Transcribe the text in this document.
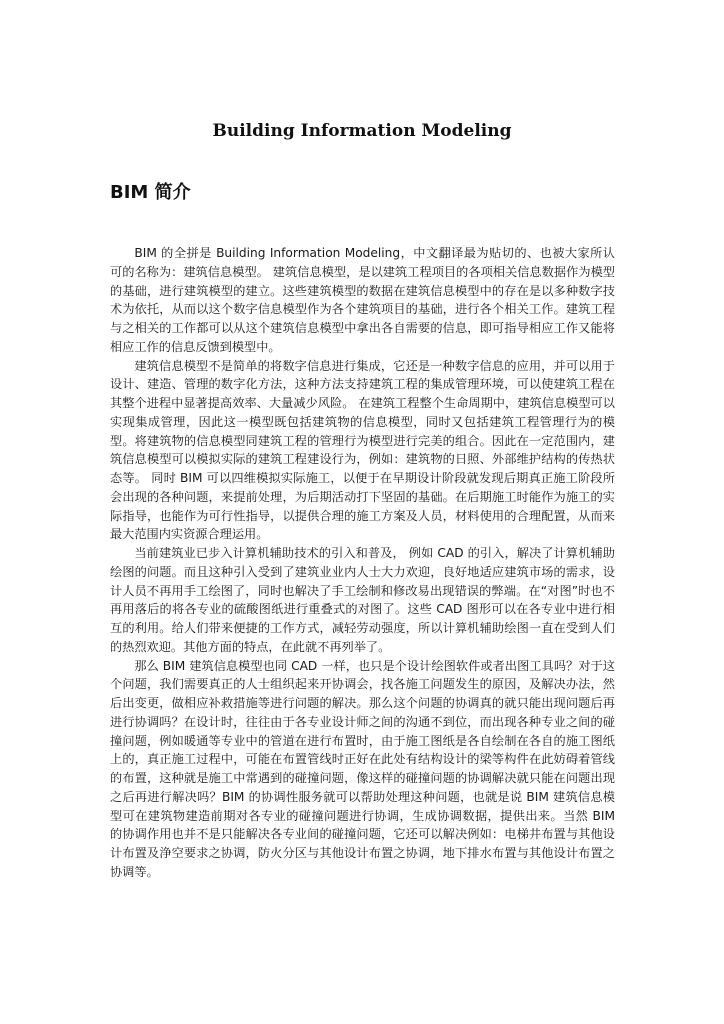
Building Information Modeling
BIM 简介

BIM 的全拼是 Building Information Modeling，中文翻译最为贴切的、也被大家所认可的名称为：建筑信息模型。 建筑信息模型，是以建筑工程项目的各项相关信息数据作为模型的基础，进行建筑模型的建立。这些建筑模型的数据在建筑信息模型中的存在是以多种数字技术为依托，从而以这个数字信息模型作为各个建筑项目的基础，进行各个相关工作。建筑工程与之相关的工作都可以从这个建筑信息模型中拿出各自需要的信息，即可指导相应工作又能将相应工作的信息反馈到模型中。

建筑信息模型不是简单的将数字信息进行集成，它还是一种数字信息的应用，并可以用于设计、建造、管理的数字化方法，这种方法支持建筑工程的集成管理环境，可以使建筑工程在其整个进程中显著提高效率、大量减少风险。 在建筑工程整个生命周期中，建筑信息模型可以实现集成管理，因此这一模型既包括建筑物的信息模型，同时又包括建筑工程管理行为的模型。将建筑物的信息模型同建筑工程的管理行为模型进行完美的组合。因此在一定范围内，建筑信息模型可以模拟实际的建筑工程建设行为，例如：建筑物的日照、外部维护结构的传热状态等。 同时 BIM 可以四维模拟实际施工，以便于在早期设计阶段就发现后期真正施工阶段所会出现的各种问题，来提前处理，为后期活动打下坚固的基础。在后期施工时能作为施工的实际指导，也能作为可行性指导，以提供合理的施工方案及人员，材料使用的合理配置，从而来最大范围内实资源合理运用。

当前建筑业已步入计算机辅助技术的引入和普及， 例如 CAD 的引入，解决了计算机辅助绘图的问题。而且这种引入受到了建筑业业内人士大力欢迎，良好地适应建筑市场的需求，设计人员不再用手工绘图了，同时也解决了手工绘制和修改易出现错误的弊端。在“对图”时也不再用落后的将各专业的硫酸图纸进行重叠式的对图了。这些 CAD 图形可以在各专业中进行相互的利用。给人们带来便捷的工作方式，减轻劳动强度，所以计算机辅助绘图一直在受到人们的热烈欢迎。其他方面的特点，在此就不再列举了。

那么 BIM 建筑信息模型也同 CAD 一样，也只是个设计绘图软件或者出图工具吗？对于这个问题，我们需要真正的人士组织起来开协调会，找各施工问题发生的原因，及解决办法，然后出变更，做相应补救措施等进行问题的解决。那么这个问题的协调真的就只能出现问题后再进行协调吗？在设计时，往往由于各专业设计师之间的沟通不到位，而出现各种专业之间的碰撞问题，例如暖通等专业中的管道在进行布置时，由于施工图纸是各自绘制在各自的施工图纸上的，真正施工过程中，可能在布置管线时正好在此处有结构设计的梁等构件在此妨碍着管线的布置，这种就是施工中常遇到的碰撞问题，像这样的碰撞问题的协调解决就只能在问题出现之后再进行解决吗？BIM 的协调性服务就可以帮助处理这种问题，也就是说 BIM 建筑信息模型可在建筑物建造前期对各专业的碰撞问题进行协调，生成协调数据，提供出来。当然 BIM 的协调作用也并不是只能解决各专业间的碰撞问题，它还可以解决例如：电梯井布置与其他设计布置及浄空要求之协调，防火分区与其他设计布置之协调，地下排水布置与其他设计布置之协调等。
